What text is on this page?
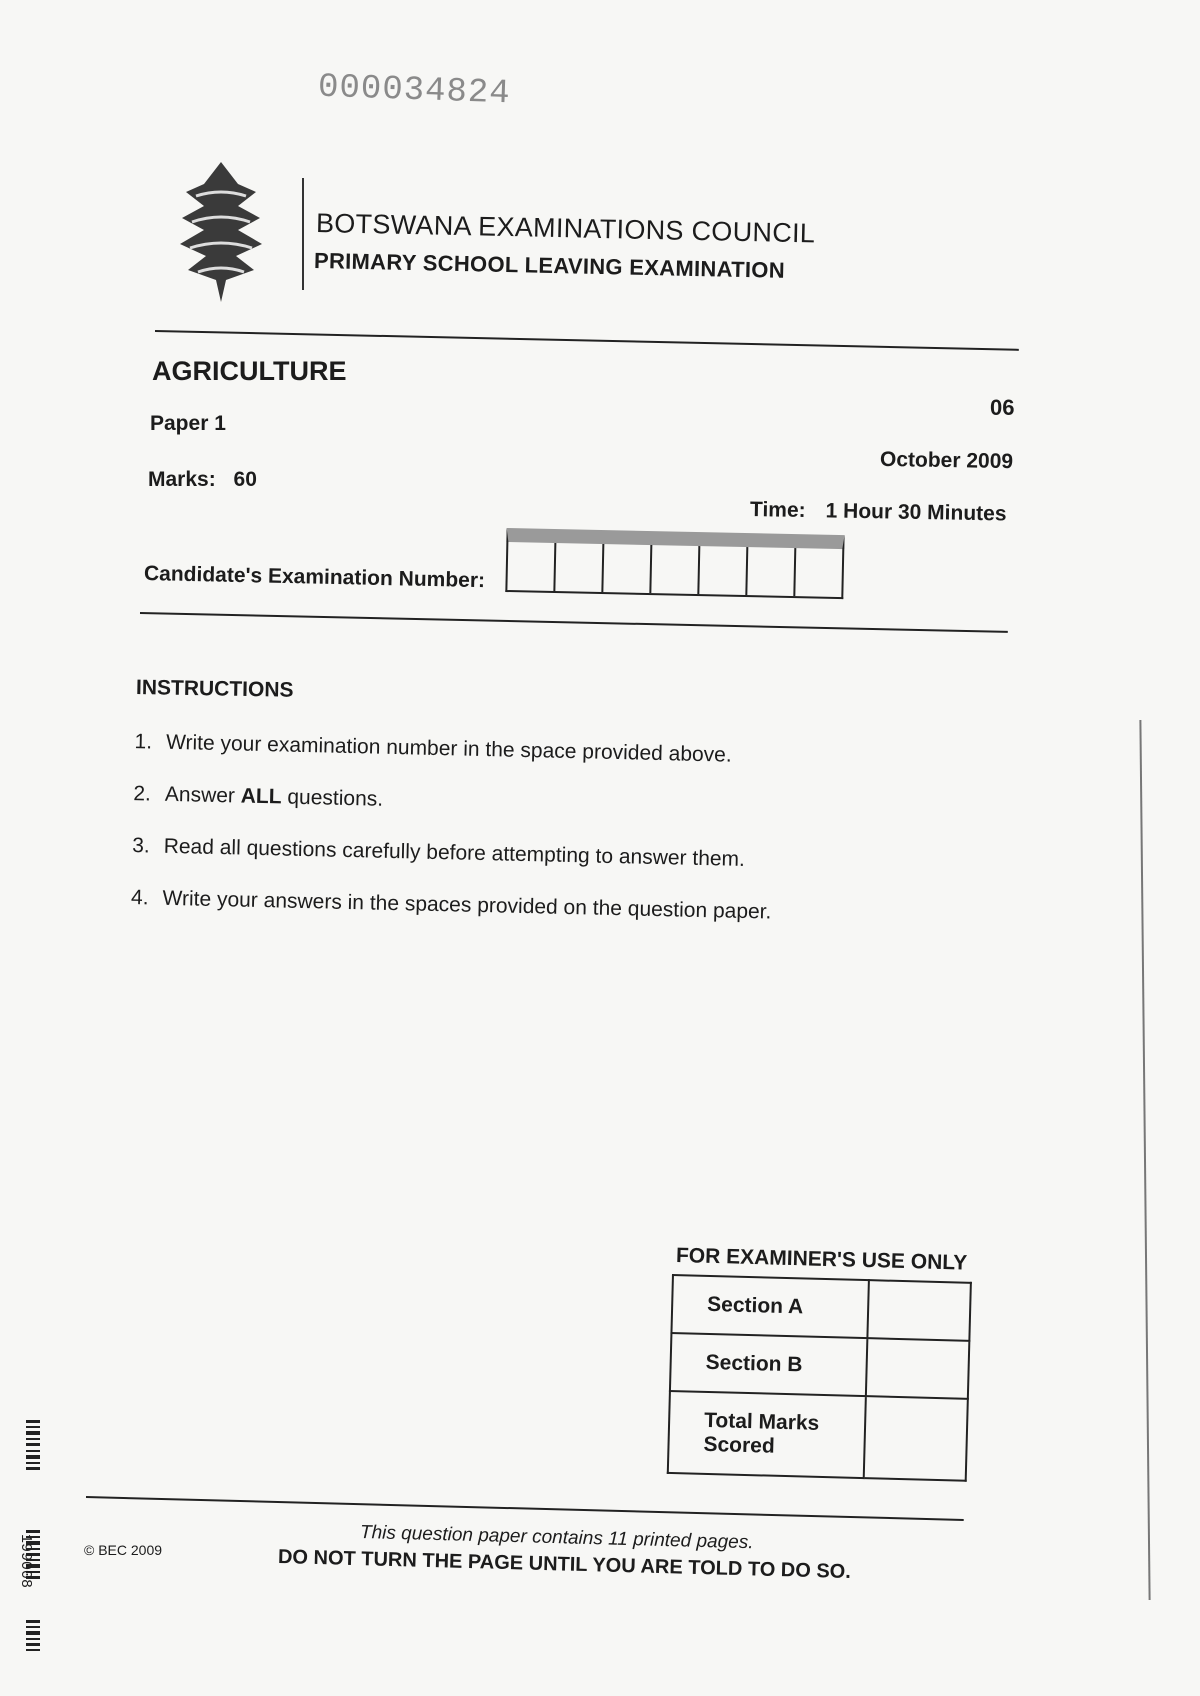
000034824
BOTSWANA EXAMINATIONS COUNCIL
PRIMARY SCHOOL LEAVING EXAMINATION
AGRICULTURE
Paper 1
Marks: 60
06
October 2009
Time: 1 Hour 30 Minutes
Candidate's Examination Number:
INSTRUCTIONS
1. Write your examination number in the space provided above.
2. Answer ALL questions.
3. Read all questions carefully before attempting to answer them.
4. Write your answers in the spaces provided on the question paper.
FOR EXAMINER'S USE ONLY
Section A	
Section B	
Total Marks Scored	
199008	© BEC 2009	This question paper contains 11 printed pages.
DO NOT TURN THE PAGE UNTIL YOU ARE TOLD TO DO SO.
